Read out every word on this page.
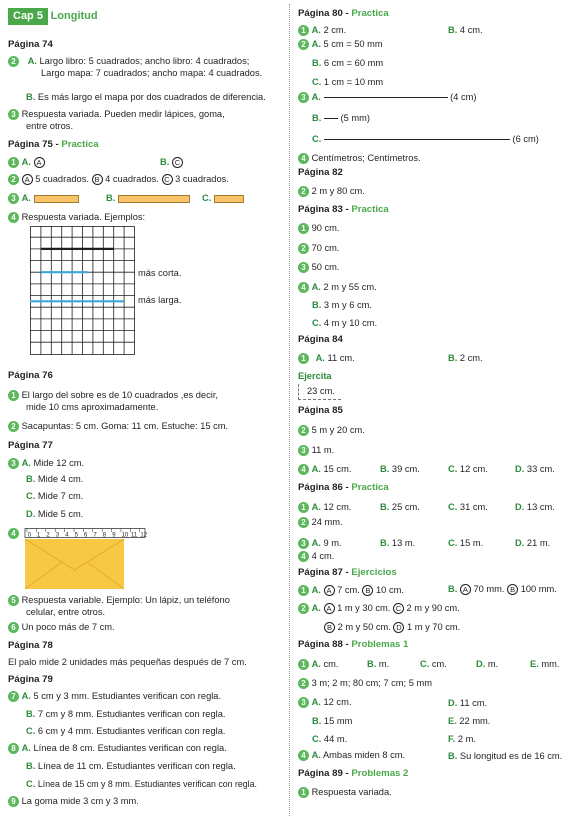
Cap 5 Longitud
Página 74
2 A. Largo libro: 5 cuadrados; ancho libro: 4 cuadrados;
Largo mapa: 7 cuadrados; ancho mapa: 4 cuadrados.
B. Es más largo el mapa por dos cuadrados de diferencia.
3 Respuesta variada. Pueden medir lápices, goma,
entre otros.
Página 75 - Practica
1 A. A	B. C
2 A 5 cuadrados. B 4 cuadrados. C 3 cuadrados.
3 A.	B.	C.
4 Respuesta variada. Ejemplos:
más corta.
más larga.
Página 76
1 El largo del sobre es de 10 cuadrados ,es decir,
mide 10 cms aproximadamente.
2 Sacapuntas: 5 cm. Goma: 11 cm. Estuche: 15 cm.
Página 77
3 A. Mide 12 cm.
B. Mide 4 cm.
C. Mide 7 cm.
D. Mide 5 cm.
4	0 1 2 3 4 5 6 7 8 9 10 11 12
5 Respuesta variable. Ejemplo: Un lápiz, un teléfono
celular, entre otros.
6 Un poco más de 7 cm.
Página 78
El palo mide 2 unidades más pequeñas después de 7 cm.
Página 79
7 A. 5 cm y 3 mm. Estudiantes verifican con regla.
B. 7 cm y 8 mm. Estudiantes verifican con regla.
C. 6 cm y 4 mm. Estudiantes verifican con regla.
8 A. Línea de 8 cm. Estudiantes verifican con regla.
B. Línea de 11 cm. Estudiantes verifican con regla.
C. Línea de 15 cm y 8 mm. Estudiantes verifican con regla.
9 La goma mide 3 cm y 3 mm.
Página 80 - Practica
1 A. 2 cm.	B. 4 cm.
2 A. 5 cm = 50 mm
B. 6 cm = 60 mm
C. 1 cm = 10 mm
3 A.	(4 cm)
B. (5 mm)
C.	(6 cm)
4 Centímetros; Centímetros.
Página 82
2 2 m y 80 cm.
Página 83 - Practica
1 90 cm.
2 70 cm.
3 50 cm.
4 A. 2 m y 55 cm.
B. 3 m y 6 cm.
C. 4 m y 10 cm.
Página 84
1 A. 11 cm.	B. 2 cm.
Ejercita
23 cm.
Página 85
2 5 m y 20 cm.
3 11 m.
4 A. 15 cm.	B. 39 cm.	C. 12 cm.	D. 33 cm.
Página 86 - Practica
1 A. 12 cm.	B. 25 cm.	C. 31 cm.	D. 13 cm.
2 24 mm.
3 A. 9 m.	B. 13 m.	C. 15 m.	D. 21 m.
4 4 cm.
Página 87 - Ejercicios
1 A. A 7 cm. B 10 cm.	B. A 70 mm. B 100 mm.
2 A. A 1 m y 30 cm. C 2 m y 90 cm.
B 2 m y 50 cm. D 1 m y 70 cm.
Página 88 - Problemas 1
1 A. cm.	B. m.	C. cm.	D. m.	E. mm.
2 3 m; 2 m; 80 cm; 7 cm; 5 mm
3 A. 12 cm.	D. 11 cm.
B. 15 mm	E. 22 mm.
C. 44 m.	F. 2 m.
4 A. Ambas miden 8 cm.	B. Su longitud es de 16 cm.
Página 89 - Problemas 2
1 Respuesta variada.
